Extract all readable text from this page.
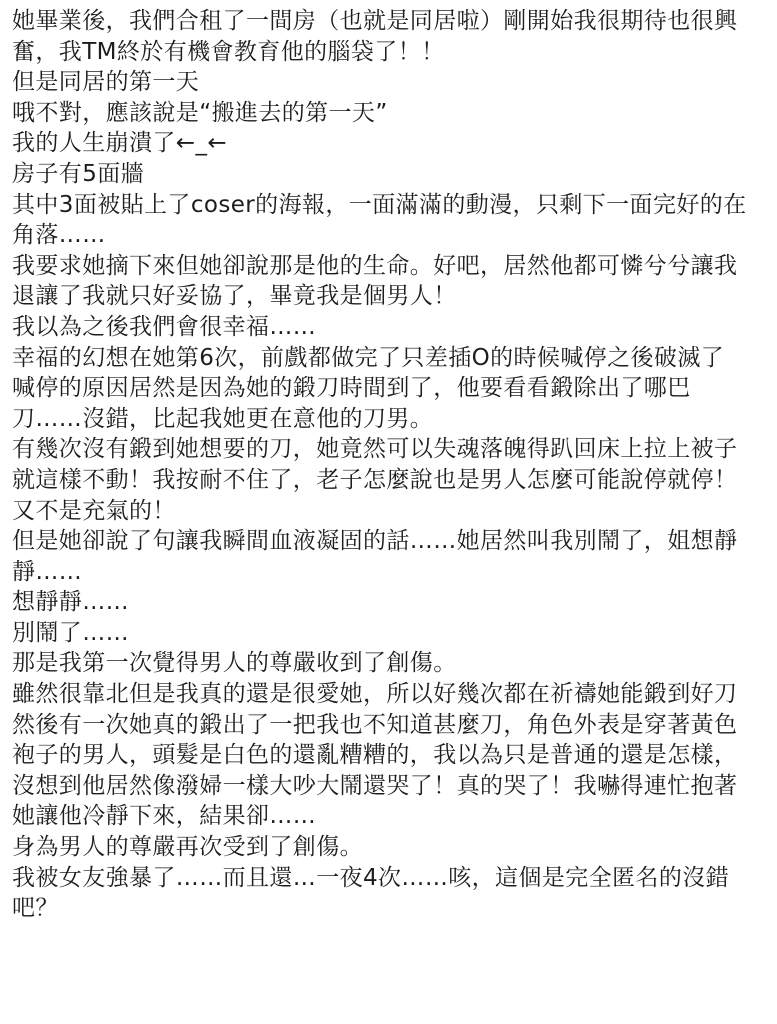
她畢業後，我們合租了一間房（也就是同居啦）剛開始我很期待也很興
奮，我TM終於有機會教育他的腦袋了！！
但是同居的第一天
哦不對，應該說是“搬進去的第一天”
我的人生崩潰了←_←
房子有5面牆
其中3面被貼上了coser的海報，一面滿滿的動漫，只剩下一面完好的在
角落……
我要求她摘下來但她卻說那是他的生命。好吧，居然他都可憐兮兮讓我
退讓了我就只好妥協了，畢竟我是個男人！
我以為之後我們會很幸福……
幸福的幻想在她第6次，前戲都做完了只差插O的時候喊停之後破滅了
喊停的原因居然是因為她的鍛刀時間到了，他要看看鍛除出了哪巴
刀……沒錯，比起我她更在意他的刀男。
有幾次沒有鍛到她想要的刀，她竟然可以失魂落魄得趴回床上拉上被子
就這樣不動！我按耐不住了，老子怎麼說也是男人怎麼可能說停就停！
又不是充氣的！
但是她卻說了句讓我瞬間血液凝固的話……她居然叫我別鬧了，姐想靜
靜……
想靜靜……
別鬧了……
那是我第一次覺得男人的尊嚴收到了創傷。
雖然很靠北但是我真的還是很愛她，所以好幾次都在祈禱她能鍛到好刀
然後有一次她真的鍛出了一把我也不知道甚麼刀，角色外表是穿著黃色
袍子的男人，頭髮是白色的還亂糟糟的，我以為只是普通的還是怎樣，
沒想到他居然像潑婦一樣大吵大鬧還哭了！真的哭了！我嚇得連忙抱著
她讓他冷靜下來，結果卻……
身為男人的尊嚴再次受到了創傷。
我被女友強暴了……而且還…一夜4次……咳，這個是完全匿名的沒錯
吧？
